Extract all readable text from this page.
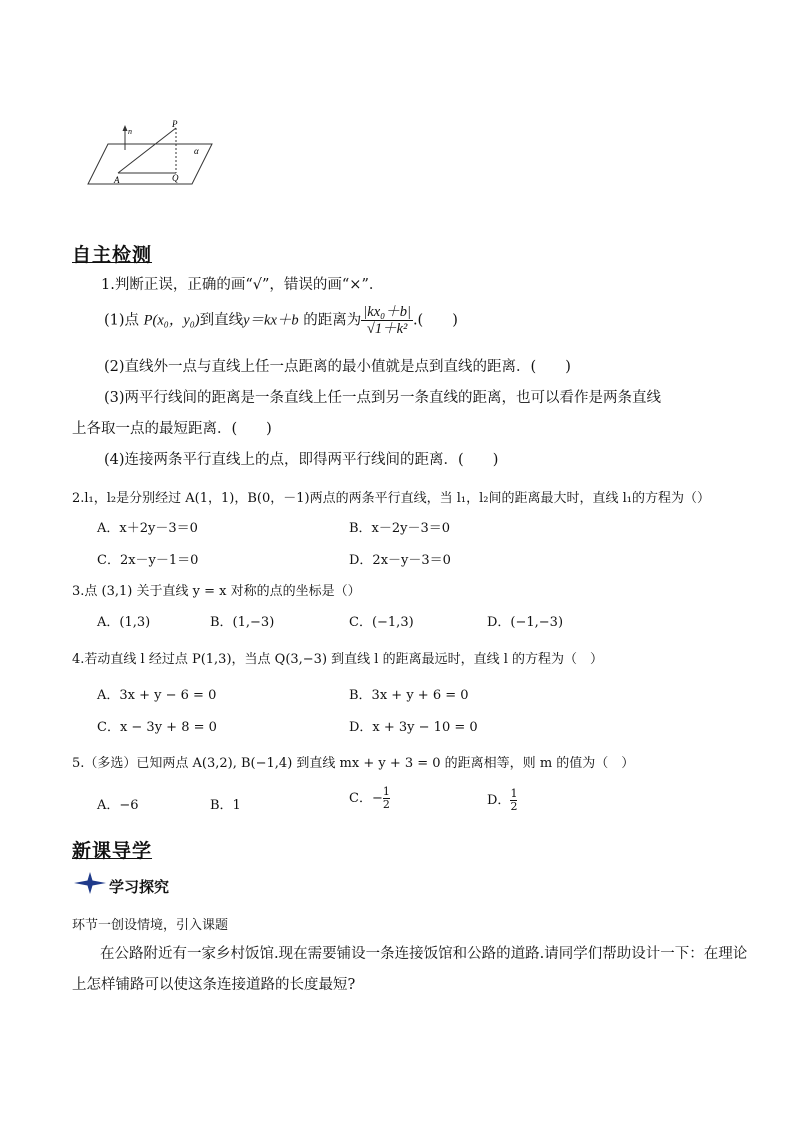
n
P
α
A	Q
自主检测
1.判断正误，正确的画“√”，错误的画“×”．
(1)点 P(x₀，y₀)到直线y＝kx＋b 的距离为 $\frac{\text{|kx₀＋b|}}{\text{√1＋k²}}$ .(　　)
(2)直线外一点与直线上任一点距离的最小值就是点到直线的距离．(　　)
(3)两平行线间的距离是一条直线上任一点到另一条直线的距离，也可以看作是两条直线
上各取一点的最短距离．(　　)
(4)连接两条平行直线上的点，即得两平行线间的距离．(　　)
2.l₁，l₂是分别经过 A(1，1)，B(0，－1)两点的两条平行直线，当 l₁，l₂间的距离最大时，直线 l₁的方程为（）
A．x＋2y－3＝0	B．x－2y－3＝0
C．2x－y－1＝0	D．2x－y－3＝0
3.点 (3,1) 关于直线 y = x 对称的点的坐标是（）
A．(1,3)	B．(1,−3)	C．(−1,3)	D．(−1,−3)
4.若动直线 l 经过点 P(1,3)，当点 Q(3,−3) 到直线 l 的距离最远时，直线 l 的方程为（　）
A．3x + y − 6 = 0	B．3x + y + 6 = 0
C．x − 3y + 8 = 0	D．x + 3y − 10 = 0
5.（多选）已知两点 A(3,2), B(−1,4) 到直线 mx + y + 3 = 0 的距离相等，则 m 的值为（　）
A．−6	B．1	C．− $\frac{1}{2}$	D． $\frac{1}{2}$
新课导学
学习探究
环节一创设情境，引入课题
在公路附近有一家乡村饭馆.现在需要铺设一条连接饭馆和公路的道路.请同学们帮助设计一下：在理论
上怎样铺路可以使这条连接道路的长度最短?
